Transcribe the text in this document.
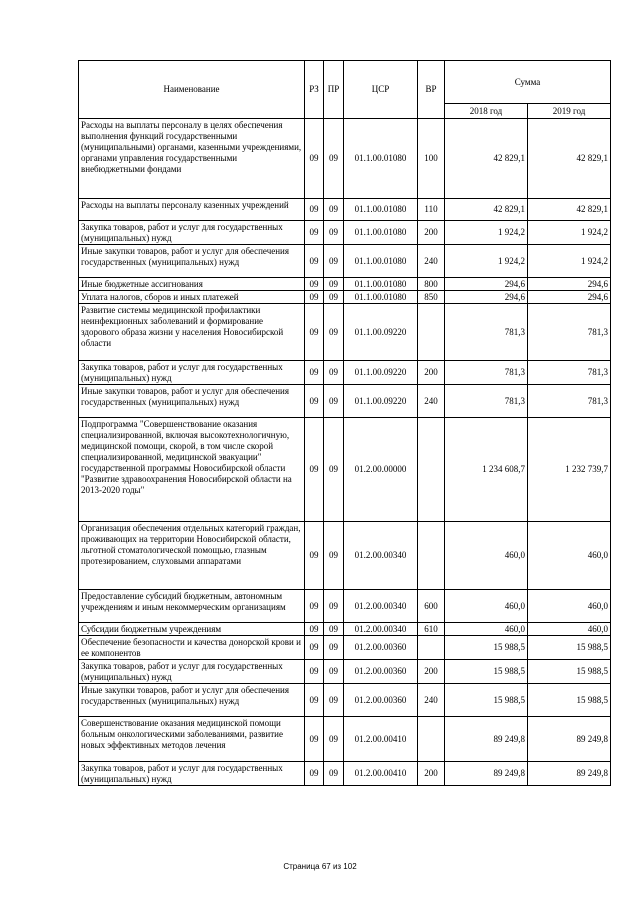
Наименование	РЗ	ПР	ЦСР	ВР	Сумма	
					2018 год	2019 год
Расходы на выплаты персоналу в целях обеспечения выполнения функций государственными (муниципальными) органами, казенными учреждениями, органами управления государственными внебюджетными фондами	09	09	01.1.00.01080	100	42 829,1	42 829,1
Расходы на выплаты персоналу казенных учреждений	09	09	01.1.00.01080	110	42 829,1	42 829,1
Закупка товаров, работ и услуг для государственных (муниципальных) нужд	09	09	01.1.00.01080	200	1 924,2	1 924,2
Иные закупки товаров, работ и услуг для обеспечения государственных (муниципальных) нужд	09	09	01.1.00.01080	240	1 924,2	1 924,2
Иные бюджетные ассигнования	09	09	01.1.00.01080	800	294,6	294,6
Уплата налогов, сборов и иных платежей	09	09	01.1.00.01080	850	294,6	294,6
Развитие системы медицинской профилактики неинфекционных заболеваний и формирование здорового образа жизни у населения Новосибирской области	09	09	01.1.00.09220		781,3	781,3
Закупка товаров, работ и услуг для государственных (муниципальных) нужд	09	09	01.1.00.09220	200	781,3	781,3
Иные закупки товаров, работ и услуг для обеспечения государственных (муниципальных) нужд	09	09	01.1.00.09220	240	781,3	781,3
Подпрограмма "Совершенствование оказания специализированной, включая высокотехнологичную, медицинской помощи, скорой, в том числе скорой специализированной, медицинской эвакуации" государственной программы Новосибирской области "Развитие здравоохранения Новосибирской области на 2013-2020 годы"	09	09	01.2.00.00000		1 234 608,7	1 232 739,7
Организация обеспечения отдельных категорий граждан, проживающих на территории Новосибирской области, льготной стоматологической помощью, глазным протезированием, слуховыми аппаратами	09	09	01.2.00.00340		460,0	460,0
Предоставление субсидий бюджетным, автономным учреждениям и иным некоммерческим организациям	09	09	01.2.00.00340	600	460,0	460,0
Субсидии бюджетным учреждениям	09	09	01.2.00.00340	610	460,0	460,0
Обеспечение безопасности и качества донорской крови и ее компонентов	09	09	01.2.00.00360		15 988,5	15 988,5
Закупка товаров, работ и услуг для государственных (муниципальных) нужд	09	09	01.2.00.00360	200	15 988,5	15 988,5
Иные закупки товаров, работ и услуг для обеспечения государственных (муниципальных) нужд	09	09	01.2.00.00360	240	15 988,5	15 988,5
Совершенствование оказания медицинской помощи больным онкологическими заболеваниями, развитие новых эффективных методов лечения	09	09	01.2.00.00410		89 249,8	89 249,8
Закупка товаров, работ и услуг для государственных (муниципальных) нужд	09	09	01.2.00.00410	200	89 249,8	89 249,8
Страница 67 из 102
